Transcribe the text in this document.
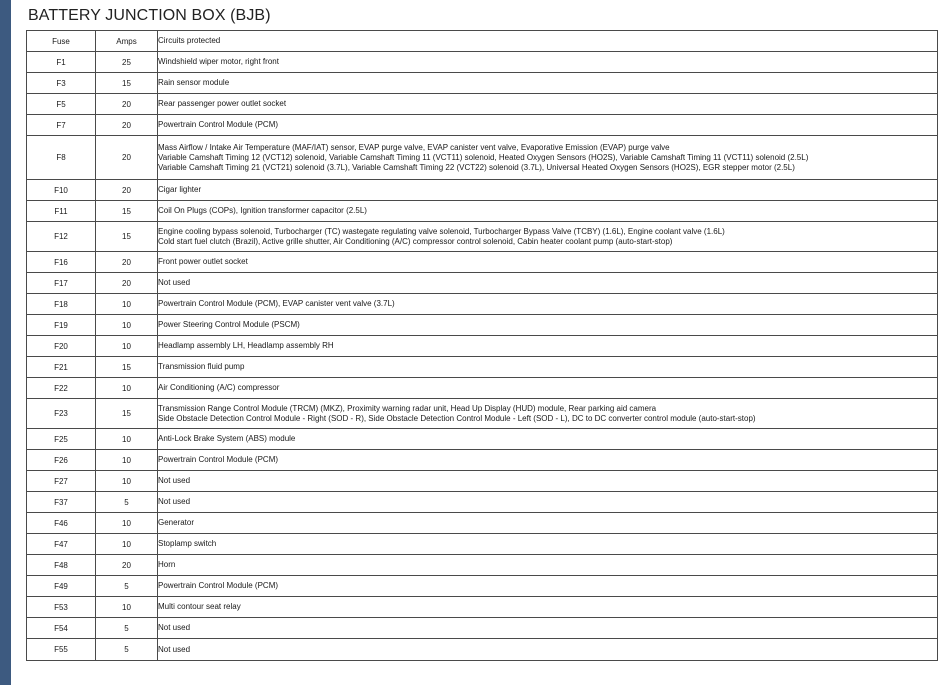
BATTERY JUNCTION BOX (BJB)
Fuse	Amps	Circuits protected
F1	25	Windshield wiper motor, right front

F3	15	Rain sensor module

F5	20	Rear passenger power outlet socket

F7	20	Powertrain Control Module (PCM)

F8	20	Mass Airflow / Intake Air Temperature (MAF/IAT) sensor, EVAP purge valve, EVAP canister vent valve, Evaporative Emission (EVAP) purge valve
Variable Camshaft Timing 12 (VCT12) solenoid, Variable Camshaft Timing 11 (VCT11) solenoid, Heated Oxygen Sensors (HO2S), Variable Camshaft Timing 11 (VCT11) solenoid (2.5L)
Variable Camshaft Timing 21 (VCT21) solenoid (3.7L), Variable Camshaft Timing 22 (VCT22) solenoid (3.7L), Universal Heated Oxygen Sensors (HO2S), EGR stepper motor (2.5L)

F10	20	Cigar lighter

F11	15	Coil On Plugs (COPs), Ignition transformer capacitor (2.5L)

F12	15	Engine cooling bypass solenoid, Turbocharger (TC) wastegate regulating valve solenoid, Turbocharger Bypass Valve (TCBY) (1.6L), Engine coolant valve (1.6L)
Cold start fuel clutch (Brazil), Active grille shutter, Air Conditioning (A/C) compressor control solenoid, Cabin heater coolant pump (auto-start-stop)

F16	20	Front power outlet socket

F17	20	Not used

F18	10	Powertrain Control Module (PCM), EVAP canister vent valve (3.7L)

F19	10	Power Steering Control Module (PSCM)

F20	10	Headlamp assembly LH, Headlamp assembly RH

F21	15	Transmission fluid pump

F22	10	Air Conditioning (A/C) compressor

F23	15	Transmission Range Control Module (TRCM) (MKZ), Proximity warning radar unit, Head Up Display (HUD) module, Rear parking aid camera
Side Obstacle Detection Control Module - Right (SOD - R), Side Obstacle Detection Control Module - Left (SOD - L), DC to DC converter control module (auto-start-stop)

F25	10	Anti-Lock Brake System (ABS) module

F26	10	Powertrain Control Module (PCM)

F27	10	Not used

F37	5	Not used

F46	10	Generator

F47	10	Stoplamp switch

F48	20	Horn

F49	5	Powertrain Control Module (PCM)

F53	10	Multi contour seat relay

F54	5	Not used

F55	5	Not used
